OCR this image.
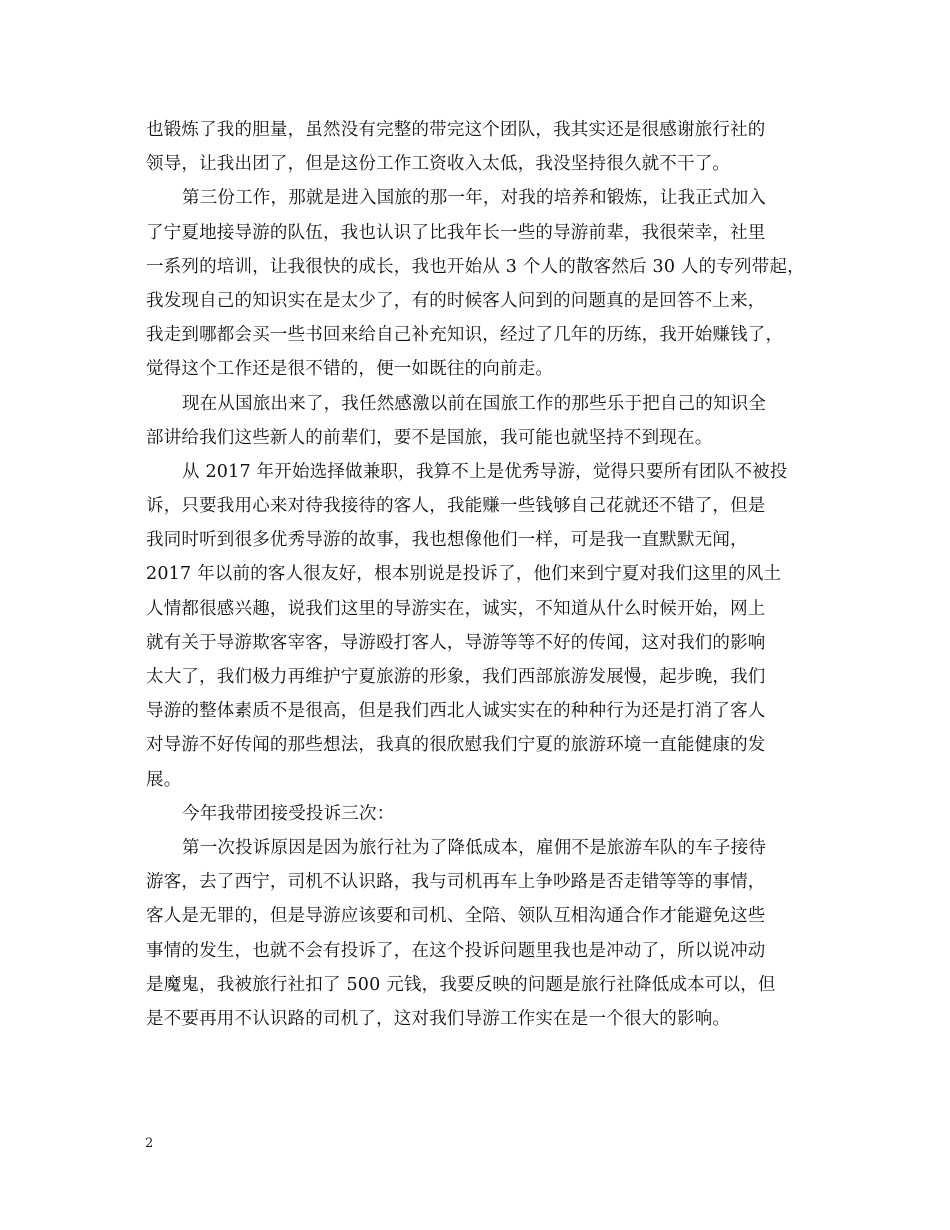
也锻炼了我的胆量，虽然没有完整的带完这个团队，我其实还是很感谢旅行社的
领导，让我出团了，但是这份工作工资收入太低，我没坚持很久就不干了。
第三份工作，那就是进入国旅的那一年，对我的培养和锻炼，让我正式加入
了宁夏地接导游的队伍，我也认识了比我年长一些的导游前辈，我很荣幸，社里
一系列的培训，让我很快的成长，我也开始从 3 个人的散客然后 30 人的专列带起，
我发现自己的知识实在是太少了，有的时候客人问到的问题真的是回答不上来，
我走到哪都会买一些书回来给自己补充知识，经过了几年的历练，我开始赚钱了，
觉得这个工作还是很不错的，便一如既往的向前走。
现在从国旅出来了，我任然感激以前在国旅工作的那些乐于把自己的知识全
部讲给我们这些新人的前辈们，要不是国旅，我可能也就坚持不到现在。
从 2017 年开始选择做兼职，我算不上是优秀导游，觉得只要所有团队不被投
诉，只要我用心来对待我接待的客人，我能赚一些钱够自己花就还不错了，但是
我同时听到很多优秀导游的故事，我也想像他们一样，可是我一直默默无闻，
2017 年以前的客人很友好，根本别说是投诉了，他们来到宁夏对我们这里的风土
人情都很感兴趣，说我们这里的导游实在，诚实，不知道从什么时候开始，网上
就有关于导游欺客宰客，导游殴打客人，导游等等不好的传闻，这对我们的影响
太大了，我们极力再维护宁夏旅游的形象，我们西部旅游发展慢，起步晚，我们
导游的整体素质不是很高，但是我们西北人诚实实在的种种行为还是打消了客人
对导游不好传闻的那些想法，我真的很欣慰我们宁夏的旅游环境一直能健康的发
展。
今年我带团接受投诉三次：
第一次投诉原因是因为旅行社为了降低成本，雇佣不是旅游车队的车子接待
游客，去了西宁，司机不认识路，我与司机再车上争吵路是否走错等等的事情，
客人是无罪的，但是导游应该要和司机、全陪、领队互相沟通合作才能避免这些
事情的发生，也就不会有投诉了，在这个投诉问题里我也是冲动了，所以说冲动
是魔鬼，我被旅行社扣了 500 元钱，我要反映的问题是旅行社降低成本可以，但
是不要再用不认识路的司机了，这对我们导游工作实在是一个很大的影响。
2
